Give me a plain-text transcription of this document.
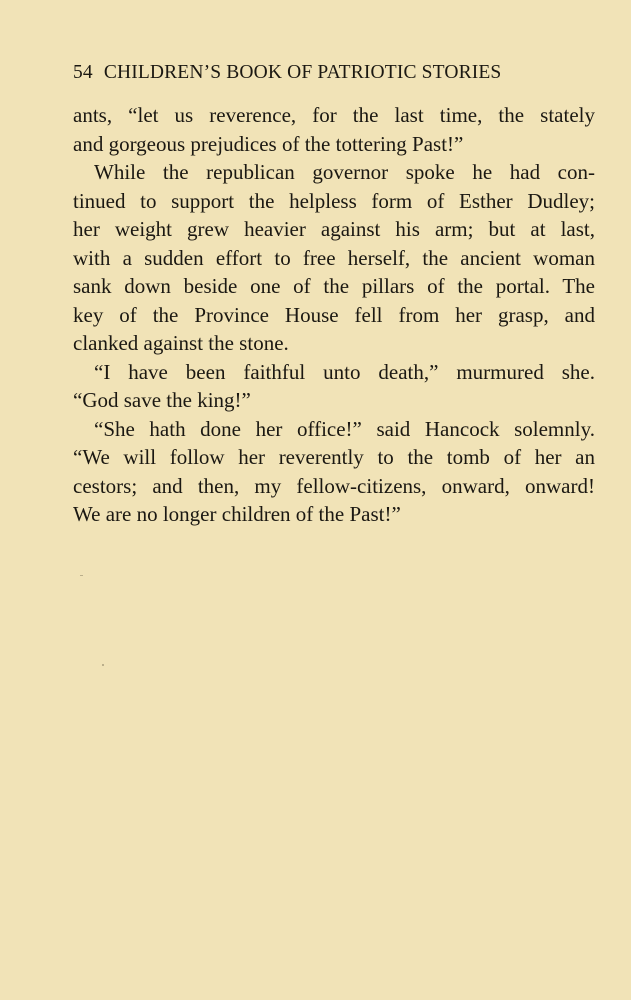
54 CHILDREN’S BOOK OF PATRIOTIC STORIES
ants, “let us reverence, for the last time, the stately
and gorgeous prejudices of the tottering Past!”
While the republican governor spoke he had con-
tinued to support the helpless form of Esther Dudley;
her weight grew heavier against his arm; but at last,
with a sudden effort to free herself, the ancient woman
sank down beside one of the pillars of the portal. The
key of the Province House fell from her grasp, and
clanked against the stone.
“I have been faithful unto death,” murmured she.
“God save the king!”
“She hath done her office!” said Hancock solemnly.
“We will follow her reverently to the tomb of her an
cestors; and then, my fellow-citizens, onward, onward!
We are no longer children of the Past!”
